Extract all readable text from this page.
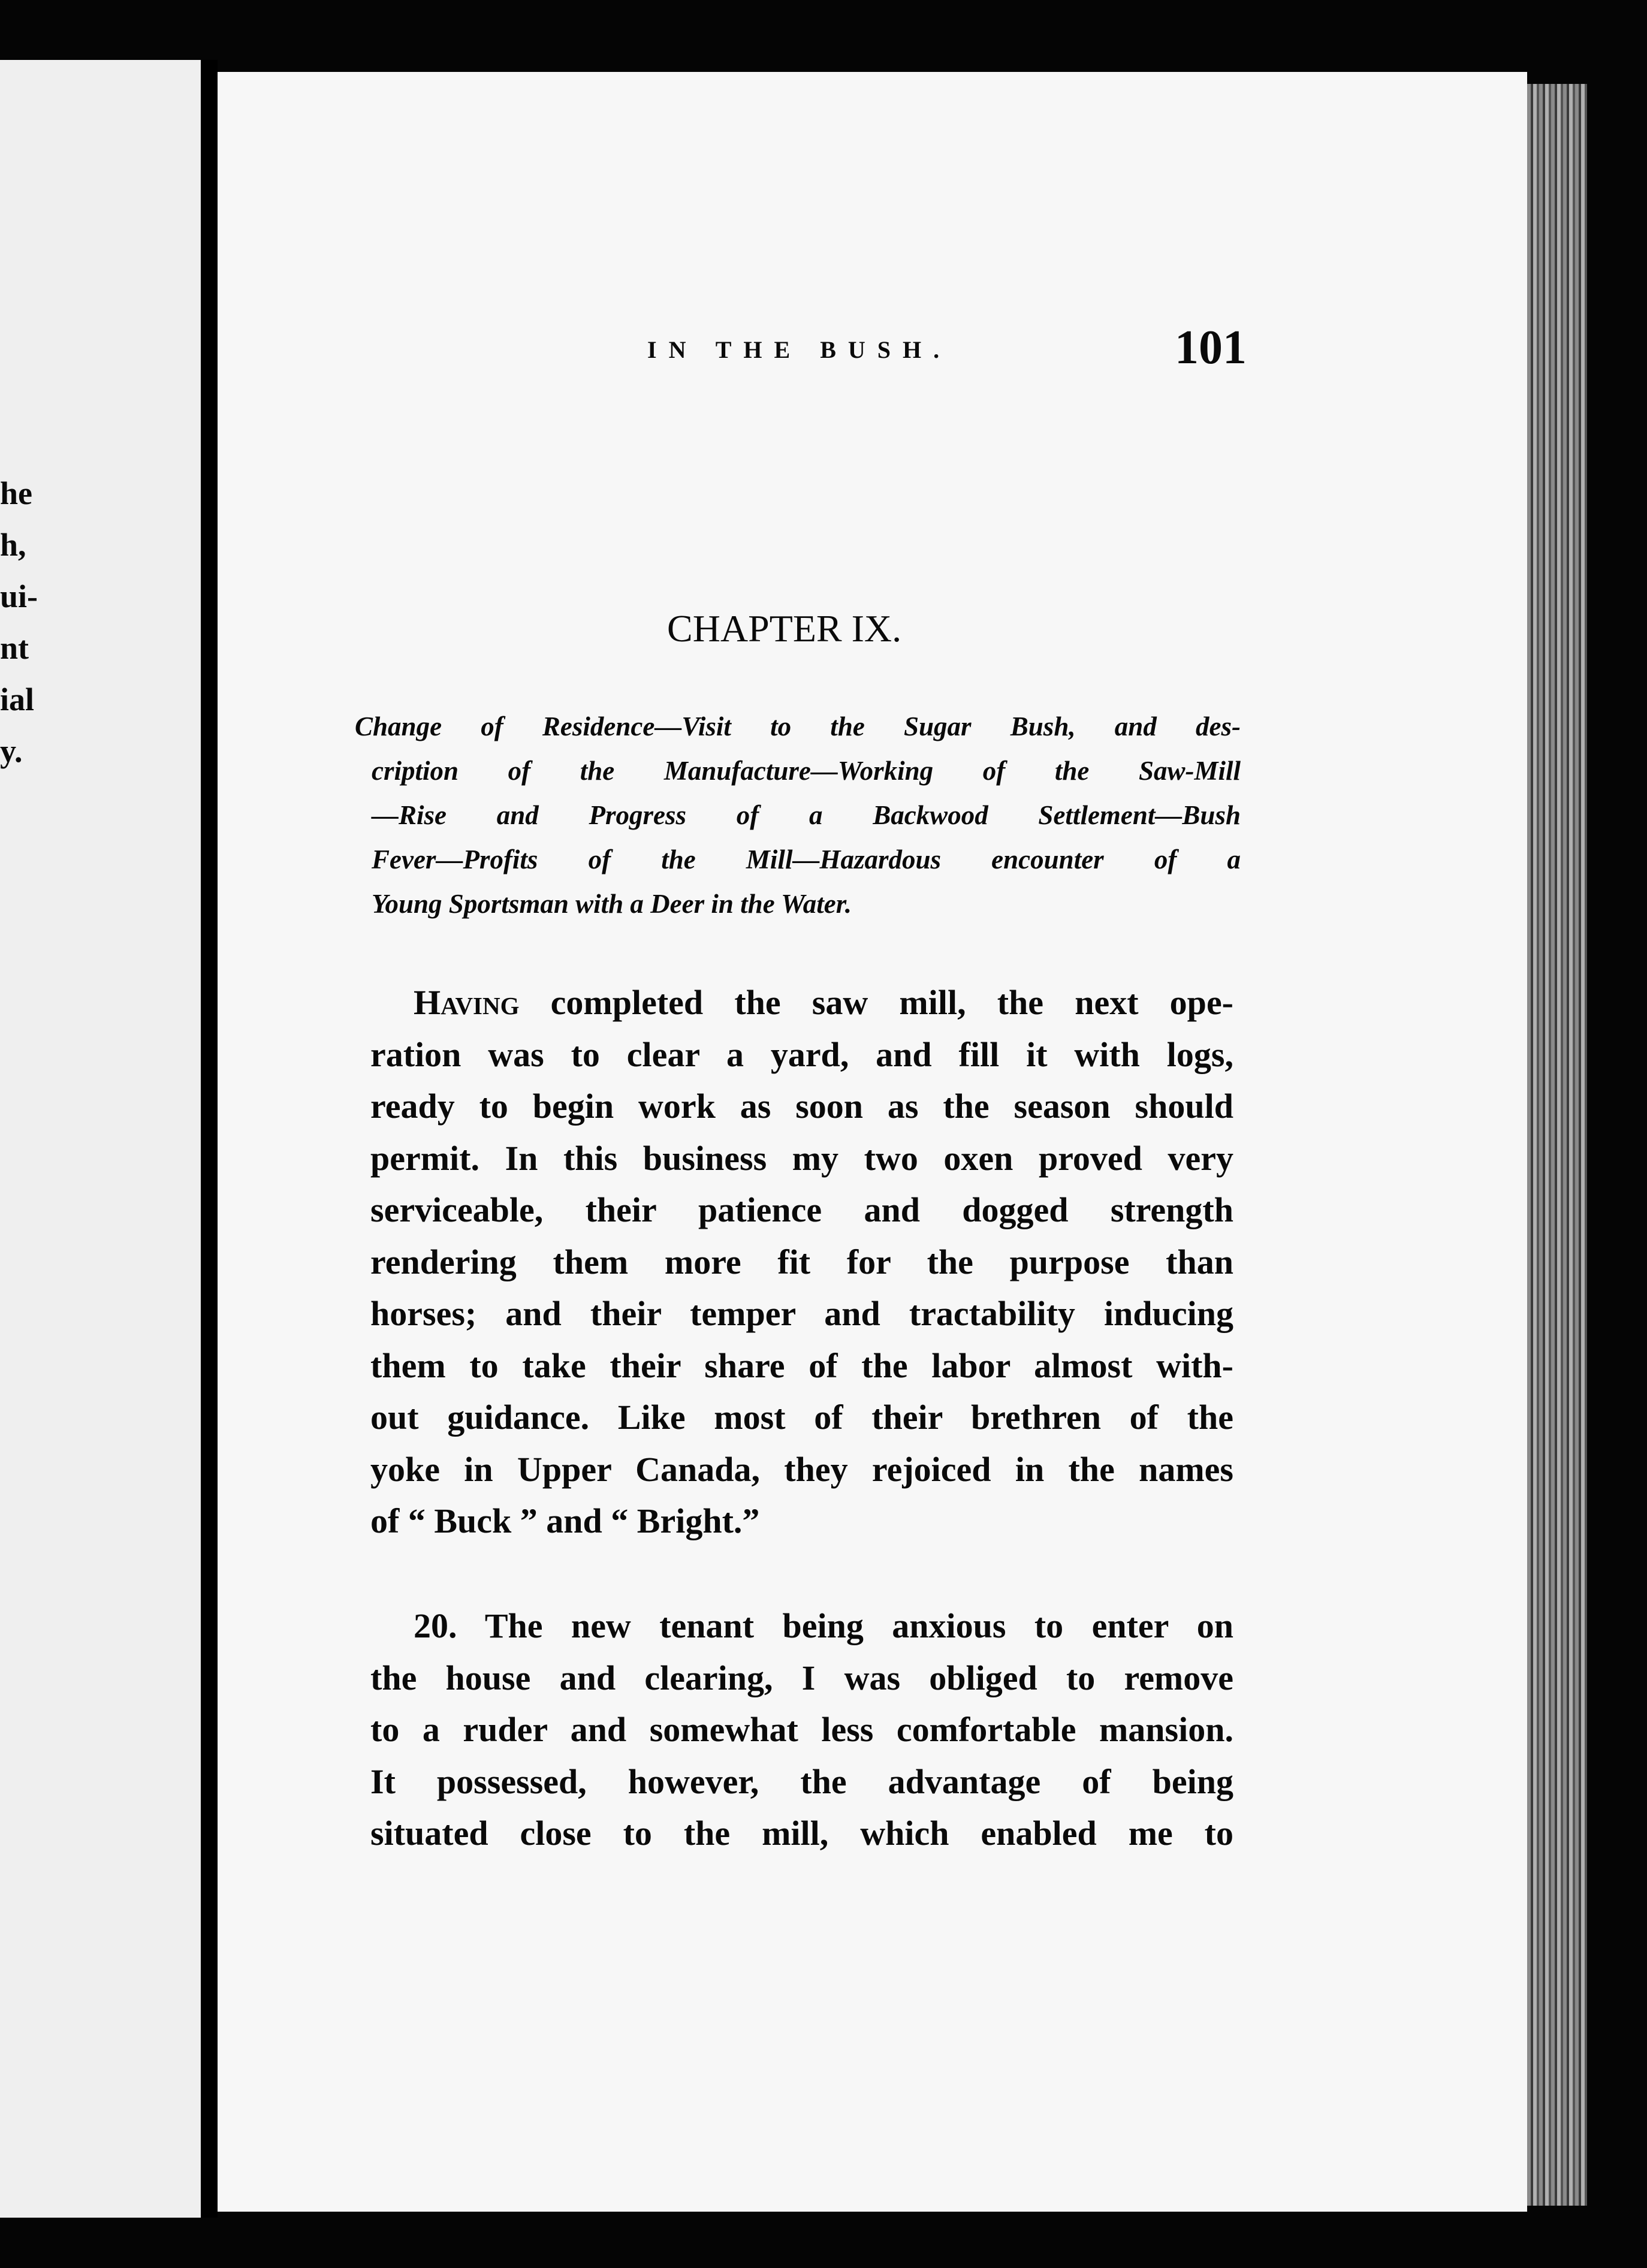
he
h,
ui-
nt
ial
y.
IN THE BUSH.	101
CHAPTER IX.
Change of Residence—Visit to the Sugar Bush, and des-
cription of the Manufacture—Working of the Saw-Mill
—Rise and Progress of a Backwood Settlement—Bush
Fever—Profits of the Mill—Hazardous encounter of a
Young Sportsman with a Deer in the Water.
Having completed the saw mill, the next ope-
ration was to clear a yard, and fill it with logs,
ready to begin work as soon as the season should
permit. In this business my two oxen proved very
serviceable, their patience and dogged strength
rendering them more fit for the purpose than
horses; and their temper and tractability inducing
them to take their share of the labor almost with-
out guidance. Like most of their brethren of the
yoke in Upper Canada, they rejoiced in the names
of “ Buck ” and “ Bright.”
20. The new tenant being anxious to enter on
the house and clearing, I was obliged to remove
to a ruder and somewhat less comfortable mansion.
It possessed, however, the advantage of being
situated close to the mill, which enabled me to
